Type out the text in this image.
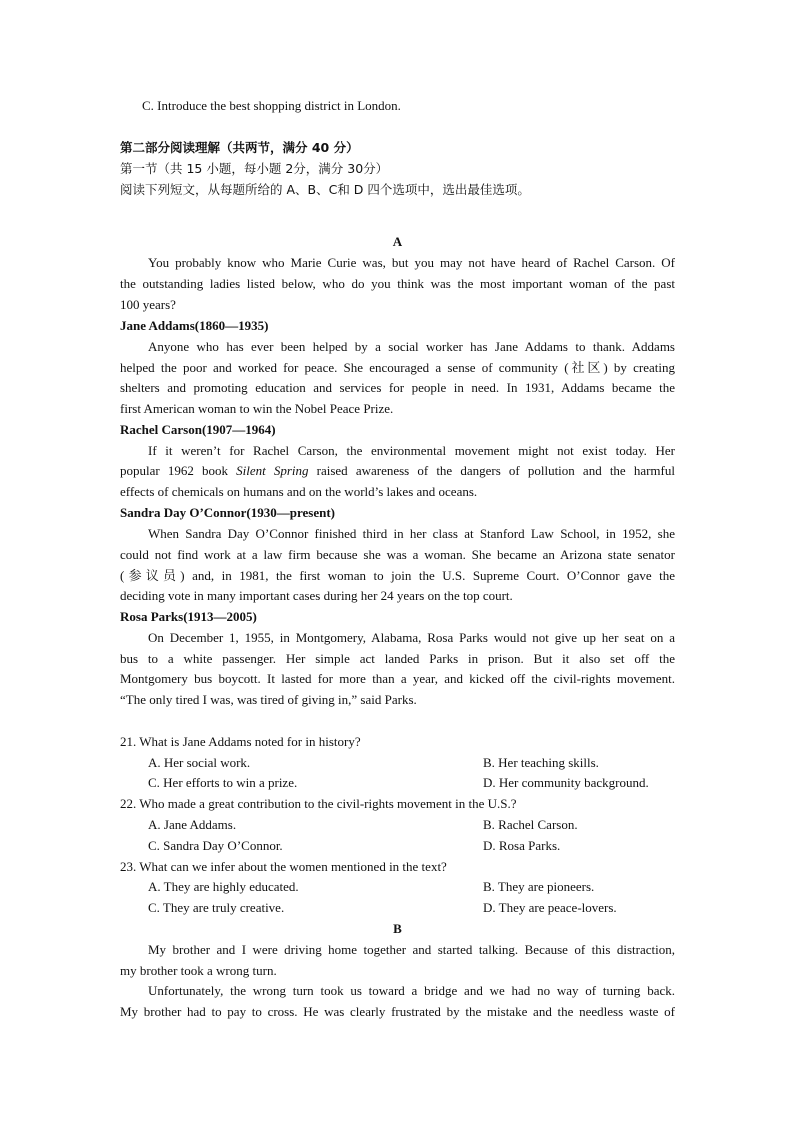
C. Introduce the best shopping district in London.
第二部分阅读理解（共两节，满分 40 分）
第一节（共 15 小题，每小题 2分，满分 30分）
阅读下列短文，从每题所给的 A、B、C和 D 四个选项中，选出最佳选项。
A
You probably know who Marie Curie was, but you may not have heard of Rachel Carson. Of
the outstanding ladies listed below, who do you think was the most important woman of the past
100 years?
Jane Addams(1860—1935)
Anyone who has ever been helped by a social worker has Jane Addams to thank. Addams
helped the poor and worked for peace. She encouraged a sense of community (社区) by creating
shelters and promoting education and services for people in need. In 1931, Addams became the
first American woman to win the Nobel Peace Prize.
Rachel Carson(1907—1964)
If it weren’t for Rachel Carson, the environmental movement might not exist today. Her
popular 1962 book Silent Spring raised awareness of the dangers of pollution and the harmful
effects of chemicals on humans and on the world’s lakes and oceans.
Sandra Day O’Connor(1930—present)
When Sandra Day O’Connor finished third in her class at Stanford Law School, in 1952, she
could not find work at a law firm because she was a woman. She became an Arizona state senator
(参议员) and, in 1981, the first woman to join the U.S. Supreme Court. O’Connor gave the
deciding vote in many important cases during her 24 years on the top court.
Rosa Parks(1913—2005)
On December 1, 1955, in Montgomery, Alabama, Rosa Parks would not give up her seat on a
bus to a white passenger. Her simple act landed Parks in prison. But it also set off the
Montgomery bus boycott. It lasted for more than a year, and kicked off the civil-rights movement.
“The only tired I was, was tired of giving in,” said Parks.
21. What is Jane Addams noted for in history?
A. Her social work.	B. Her teaching skills.
C. Her efforts to win a prize.	D. Her community background.
22. Who made a great contribution to the civil-rights movement in the U.S.?
A. Jane Addams.	B. Rachel Carson.
C. Sandra Day O’Connor.	D. Rosa Parks.
23. What can we infer about the women mentioned in the text?
A. They are highly educated.	B. They are pioneers.
C. They are truly creative.	D. They are peace-lovers.
B
My brother and I were driving home together and started talking. Because of this distraction,
my brother took a wrong turn.
Unfortunately, the wrong turn took us toward a bridge and we had no way of turning back.
My brother had to pay to cross. He was clearly frustrated by the mistake and the needless waste of
